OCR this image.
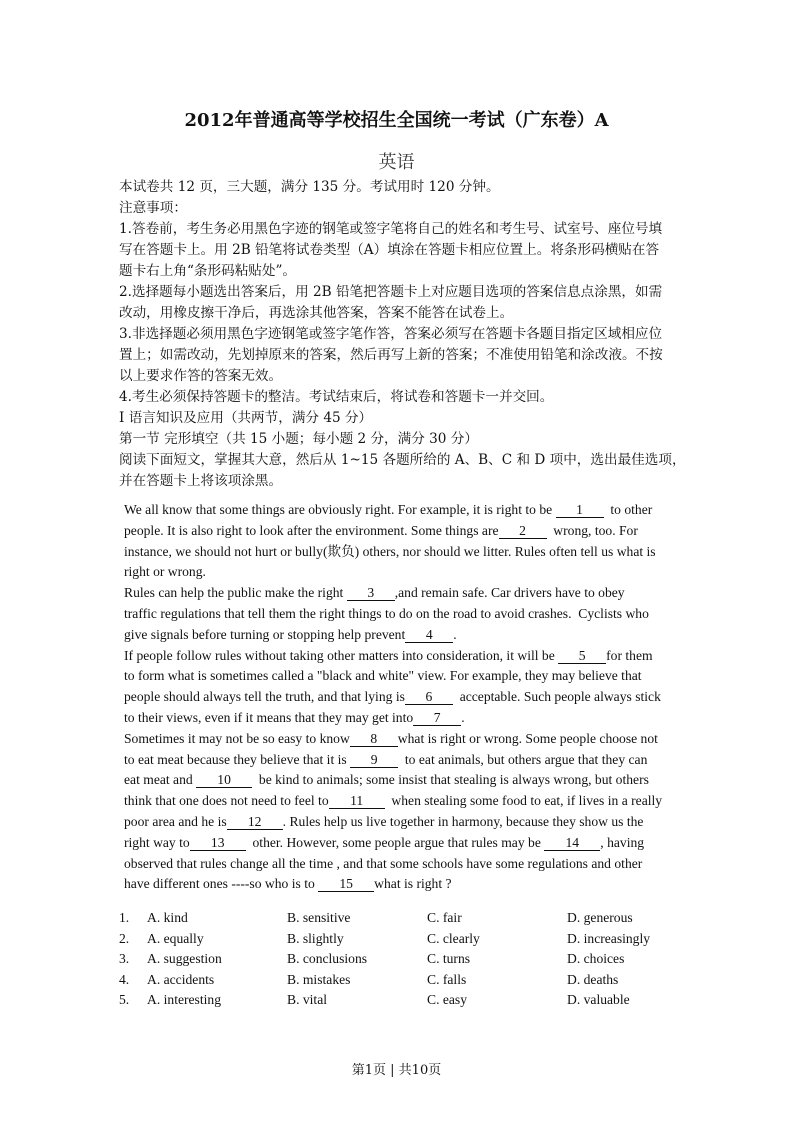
2012年普通高等学校招生全国统一考试（广东卷）A
英语
本试卷共 12 页，三大题，满分 135 分。考试用时 120 分钟。
注意事项：
1.答卷前，考生务必用黑色字迹的钢笔或签字笔将自己的姓名和考生号、试室号、座位号填
写在答题卡上。用 2B 铅笔将试卷类型（A）填涂在答题卡相应位置上。将条形码横贴在答
题卡右上角“条形码粘贴处”。
2.选择题每小题选出答案后，用 2B 铅笔把答题卡上对应题目选项的答案信息点涂黑，如需
改动，用橡皮擦干净后，再选涂其他答案，答案不能答在试卷上。
3.非选择题必须用黑色字迹钢笔或签字笔作答，答案必须写在答题卡各题目指定区域相应位
置上；如需改动，先划掉原来的答案，然后再写上新的答案；不准使用铅笔和涂改液。不按
以上要求作答的答案无效。
4.考生必须保持答题卡的整洁。考试结束后，将试卷和答题卡一并交回。
I 语言知识及应用（共两节，满分 45 分）
第一节 完形填空（共 15 小题；每小题 2 分，满分 30 分）
阅读下面短文，掌握其大意，然后从 1~15 各题所给的 A、B、C 和 D 项中，选出最佳选项，
并在答题卡上将该项涂黑。
We all know that some things are obviously right. For example, it is right to be 1  to other
people. It is also right to look after the environment. Some things are 2  wrong, too. For
instance, we should not hurt or bully(欺负) others, nor should we litter. Rules often tell us what is
right or wrong.
Rules can help the public make the right 3 ,and remain safe. Car drivers have to obey
traffic regulations that tell them the right things to do on the road to avoid crashes.  Cyclists who
give signals before turning or stopping help prevent 4 .
If people follow rules without taking other matters into consideration, it will be 5 for them
to form what is sometimes called a "black and white" view. For example, they may believe that
people should always tell the truth, and that lying is 6  acceptable. Such people always stick
to their views, even if it means that they may get into 7 .
Sometimes it may not be so easy to know 8 what is right or wrong. Some people choose not
to eat meat because they believe that it is 9  to eat animals, but others argue that they can
eat meat and 10  be kind to animals; some insist that stealing is always wrong, but others
think that one does not need to feel to 11  when stealing some food to eat, if lives in a really
poor area and he is 12 . Rules help us live together in harmony, because they show us the
right way to 13  other. However, some people argue that rules may be 14 , having
observed that rules change all the time , and that some schools have some regulations and other
have different ones ----so who is to 15 what is right ?
1. A. kind	B. sensitive	C. fair	D. generous
2. A. equally	B. slightly	C. clearly	D. increasingly
3. A. suggestion	B. conclusions	C. turns	D. choices
4. A. accidents	B. mistakes	C. falls	D. deaths
5. A. interesting	B. vital	C. easy	D. valuable
第1页 | 共10页
